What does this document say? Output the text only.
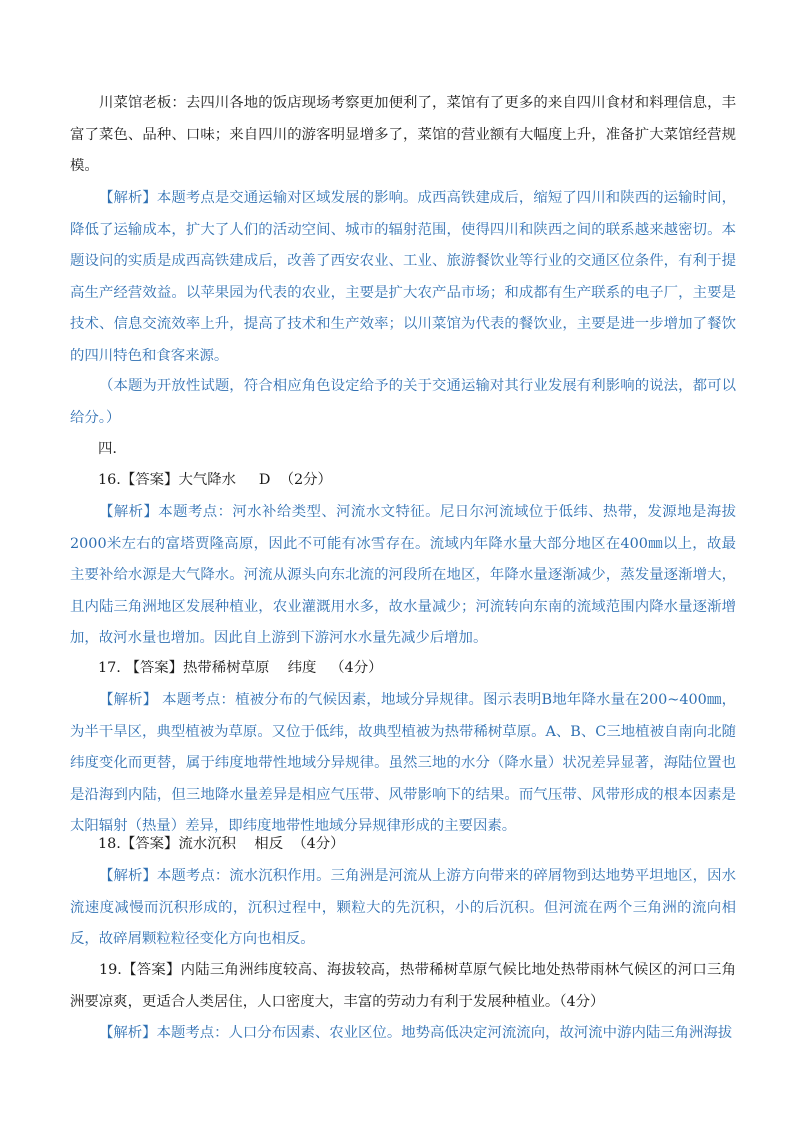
川菜馆老板：去四川各地的饭店现场考察更加便利了，菜馆有了更多的来自四川食材和料理信息，丰富了菜色、品种、口味；来自四川的游客明显增多了，菜馆的营业额有大幅度上升，准备扩大菜馆经营规模。

【解析】本题考点是交通运输对区域发展的影响。成西高铁建成后，缩短了四川和陕西的运输时间，降低了运输成本，扩大了人们的活动空间、城市的辐射范围，使得四川和陕西之间的联系越来越密切。本题设问的实质是成西高铁建成后，改善了西安农业、工业、旅游餐饮业等行业的交通区位条件，有利于提高生产经营效益。以苹果园为代表的农业，主要是扩大农产品市场；和成都有生产联系的电子厂，主要是技术、信息交流效率上升，提高了技术和生产效率；以川菜馆为代表的餐饮业，主要是进一步增加了餐饮的四川特色和食客来源。

（本题为开放性试题，符合相应角色设定给予的关于交通运输对其行业发展有利影响的说法，都可以给分。）

四.

16.【答案】大气降水     D  （2分）

【解析】本题考点：河水补给类型、河流水文特征。尼日尔河流域位于低纬、热带，发源地是海拔2000米左右的富塔贾隆高原，因此不可能有冰雪存在。流域内年降水量大部分地区在400㎜以上，故最主要补给水源是大气降水。河流从源头向东北流的河段所在地区，年降水量逐渐减少，蒸发量逐渐增大，且内陆三角洲地区发展种植业，农业灌溉用水多，故水量减少；河流转向东南的流域范围内降水量逐渐增加，故河水量也增加。因此自上游到下游河水水量先减少后增加。

17. 【答案】热带稀树草原    纬度   （4分）

【解析】 本题考点：植被分布的气候因素，地域分异规律。图示表明B地年降水量在200~400㎜，为半干旱区，典型植被为草原。又位于低纬，故典型植被为热带稀树草原。A、B、C三地植被自南向北随纬度变化而更替，属于纬度地带性地域分异规律。虽然三地的水分（降水量）状况差异显著，海陆位置也是沿海到内陆，但三地降水量差异是相应气压带、风带影响下的结果。而气压带、风带形成的根本因素是太阳辐射（热量）差异，即纬度地带性地域分异规律形成的主要因素。

18.【答案】流水沉积    相反  （4分）

【解析】本题考点：流水沉积作用。三角洲是河流从上游方向带来的碎屑物到达地势平坦地区，因水流速度减慢而沉积形成的，沉积过程中，颗粒大的先沉积，小的后沉积。但河流在两个三角洲的流向相反，故碎屑颗粒粒径变化方向也相反。

19.【答案】内陆三角洲纬度较高、海拔较高，热带稀树草原气候比地处热带雨林气候区的河口三角洲要凉爽，更适合人类居住，人口密度大，丰富的劳动力有利于发展种植业。（4分）

【解析】本题考点：人口分布因素、农业区位。地势高低决定河流流向，故河流中游内陆三角洲海拔
